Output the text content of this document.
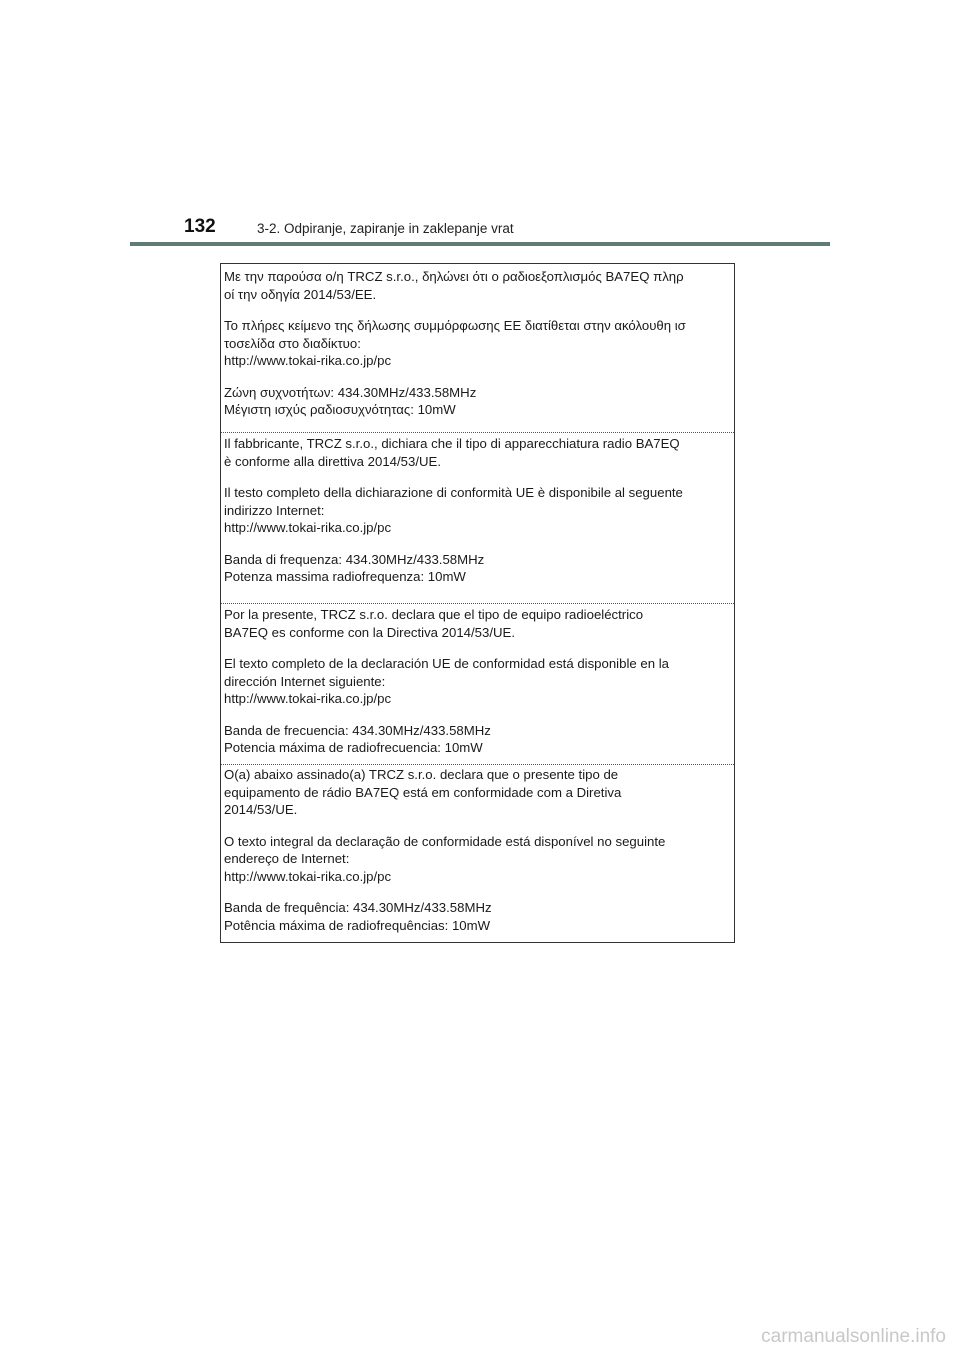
132	3-2. Odpiranje, zapiranje in zaklepanje vrat
Με την παρούσα ο/η TRCZ s.r.o., δηλώνει ότι ο ραδιοεξοπλισμός BA7EQ πληρ
οί την οδηγία 2014/53/ΕΕ.
Το πλήρες κείμενο της δήλωσης συμμόρφωσης ΕΕ διατίθεται στην ακόλουθη ισ
τοσελίδα στο διαδίκτυο:
http://www.tokai-rika.co.jp/pc
Ζώνη συχνοτήτων: 434.30MHz/433.58MHz
Μέγιστη ισχύς ραδιοσυχνότητας: 10mW
Il fabbricante, TRCZ s.r.o., dichiara che il tipo di apparecchiatura radio BA7EQ
è conforme alla direttiva 2014/53/UE.
Il testo completo della dichiarazione di conformità UE è disponibile al seguente
indirizzo Internet:
http://www.tokai-rika.co.jp/pc
Banda di frequenza: 434.30MHz/433.58MHz
Potenza massima radiofrequenza: 10mW
Por la presente, TRCZ s.r.o. declara que el tipo de equipo radioeléctrico
BA7EQ es conforme con la Directiva 2014/53/UE.
El texto completo de la declaración UE de conformidad está disponible en la
dirección Internet siguiente:
http://www.tokai-rika.co.jp/pc
Banda de frecuencia: 434.30MHz/433.58MHz
Potencia máxima de radiofrecuencia: 10mW
O(a) abaixo assinado(a) TRCZ s.r.o. declara que o presente tipo de
equipamento de rádio BA7EQ está em conformidade com a Diretiva
2014/53/UE.
O texto integral da declaração de conformidade está disponível no seguinte
endereço de Internet:
http://www.tokai-rika.co.jp/pc
Banda de frequência: 434.30MHz/433.58MHz
Potência máxima de radiofrequências: 10mW
carmanualsonline.info
